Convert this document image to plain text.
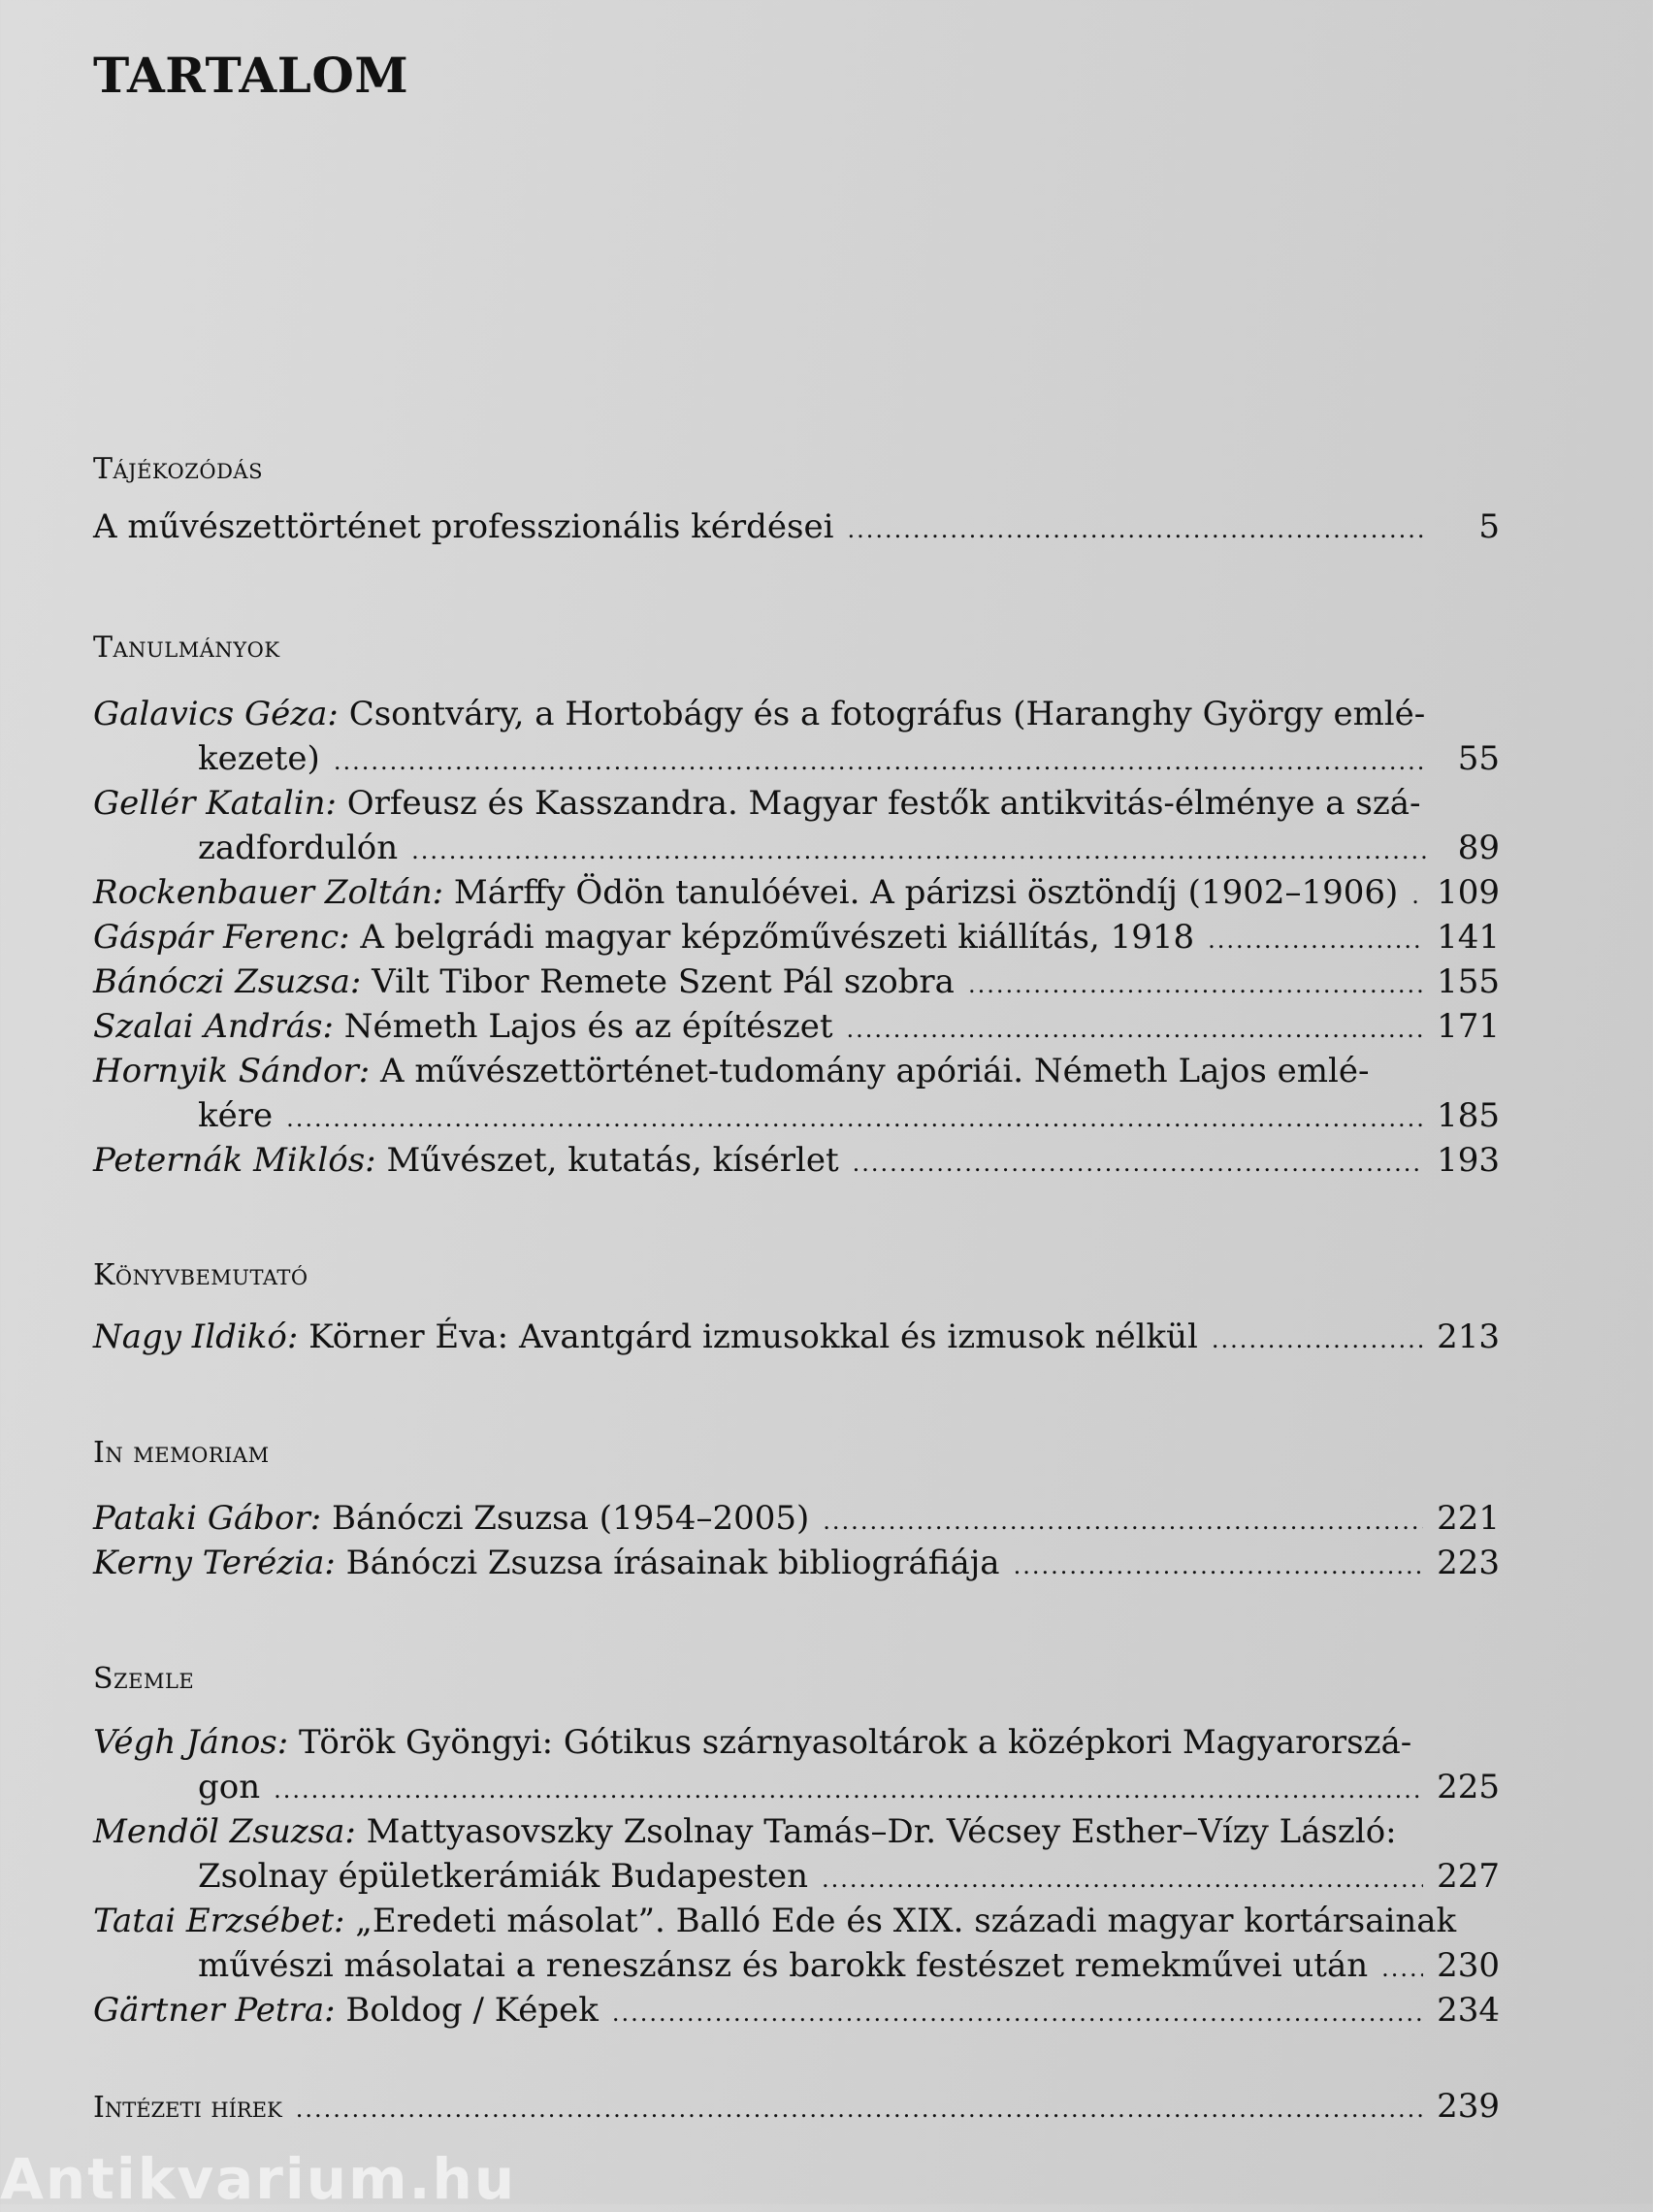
TARTALOM
Tájékozódás
A művészettörténet professzionális kérdései .....	5
Tanulmányok
Galavics Géza: Csontváry, a Hortobágy és a fotográfus (Haranghy György emlé-
kezete) .....	55
Gellér Katalin: Orfeusz és Kasszandra. Magyar festők antikvitás-élménye a szá-
zadfordulón .....	89
Rockenbauer Zoltán: Márffy Ödön tanulóévei. A párizsi ösztöndíj (1902–1906) ..... 109
Gáspár Ferenc: A belgrádi magyar képzőművészeti kiállítás, 1918 .....	141
Bánóczi Zsuzsa: Vilt Tibor Remete Szent Pál szobra .....	155
Szalai András: Németh Lajos és az építészet .....	171
Hornyik Sándor: A művészettörténet-tudomány apóriái. Németh Lajos emlé-
kére .....	185
Peternák Miklós: Művészet, kutatás, kísérlet .....	193
Könyvbemutató
Nagy Ildikó: Körner Éva: Avantgárd izmusokkal és izmusok nélkül .....	213
In memoriam
Pataki Gábor: Bánóczi Zsuzsa (1954–2005) .....	221
Kerny Terézia: Bánóczi Zsuzsa írásainak bibliográfiája .....	223
Szemle
Végh János: Török Gyöngyi: Gótikus szárnyasoltárok a középkori Magyarorszá-
gon .....	225
Mendöl Zsuzsa: Mattyasovszky Zsolnay Tamás–Dr. Vécsey Esther–Vízy László:
Zsolnay épületkerámiák Budapesten .....	227
Tatai Erzsébet: „Eredeti másolat”. Balló Ede és XIX. századi magyar kortársainak
művészi másolatai a reneszánsz és barokk festészet remekművei után ..... 230
Gärtner Petra: Boldog / Képek .....	234
Intézeti hírek .....	239
Antikvarium.hu
